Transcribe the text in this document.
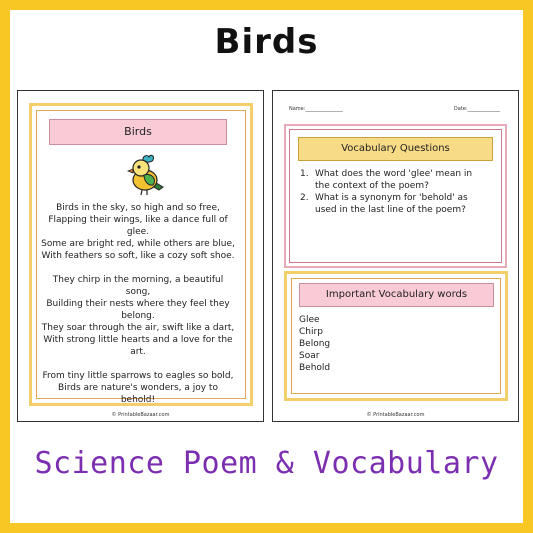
Birds
Birds
Birds in the sky, so high and so free,
Flapping their wings, like a dance full of glee.
Some are bright red, while others are blue,
With feathers so soft, like a cozy soft shoe.
They chirp in the morning, a beautiful song,
Building their nests where they feel they
belong.
They soar through the air, swift like a dart,
With strong little hearts and a love for the
art.
From tiny little sparrows to eagles so bold,
Birds are nature's wonders, a joy to behold!
© PrintableBazaar.com
Name:_______________	Date:_____________
Vocabulary Questions
1. What does the word 'glee' mean in
the context of the poem?
2. What is a synonym for 'behold' as
used in the last line of the poem?
Important Vocabulary words
Glee
Chirp
Belong
Soar
Behold
© PrintableBazaar.com
Science Poem & Vocabulary
